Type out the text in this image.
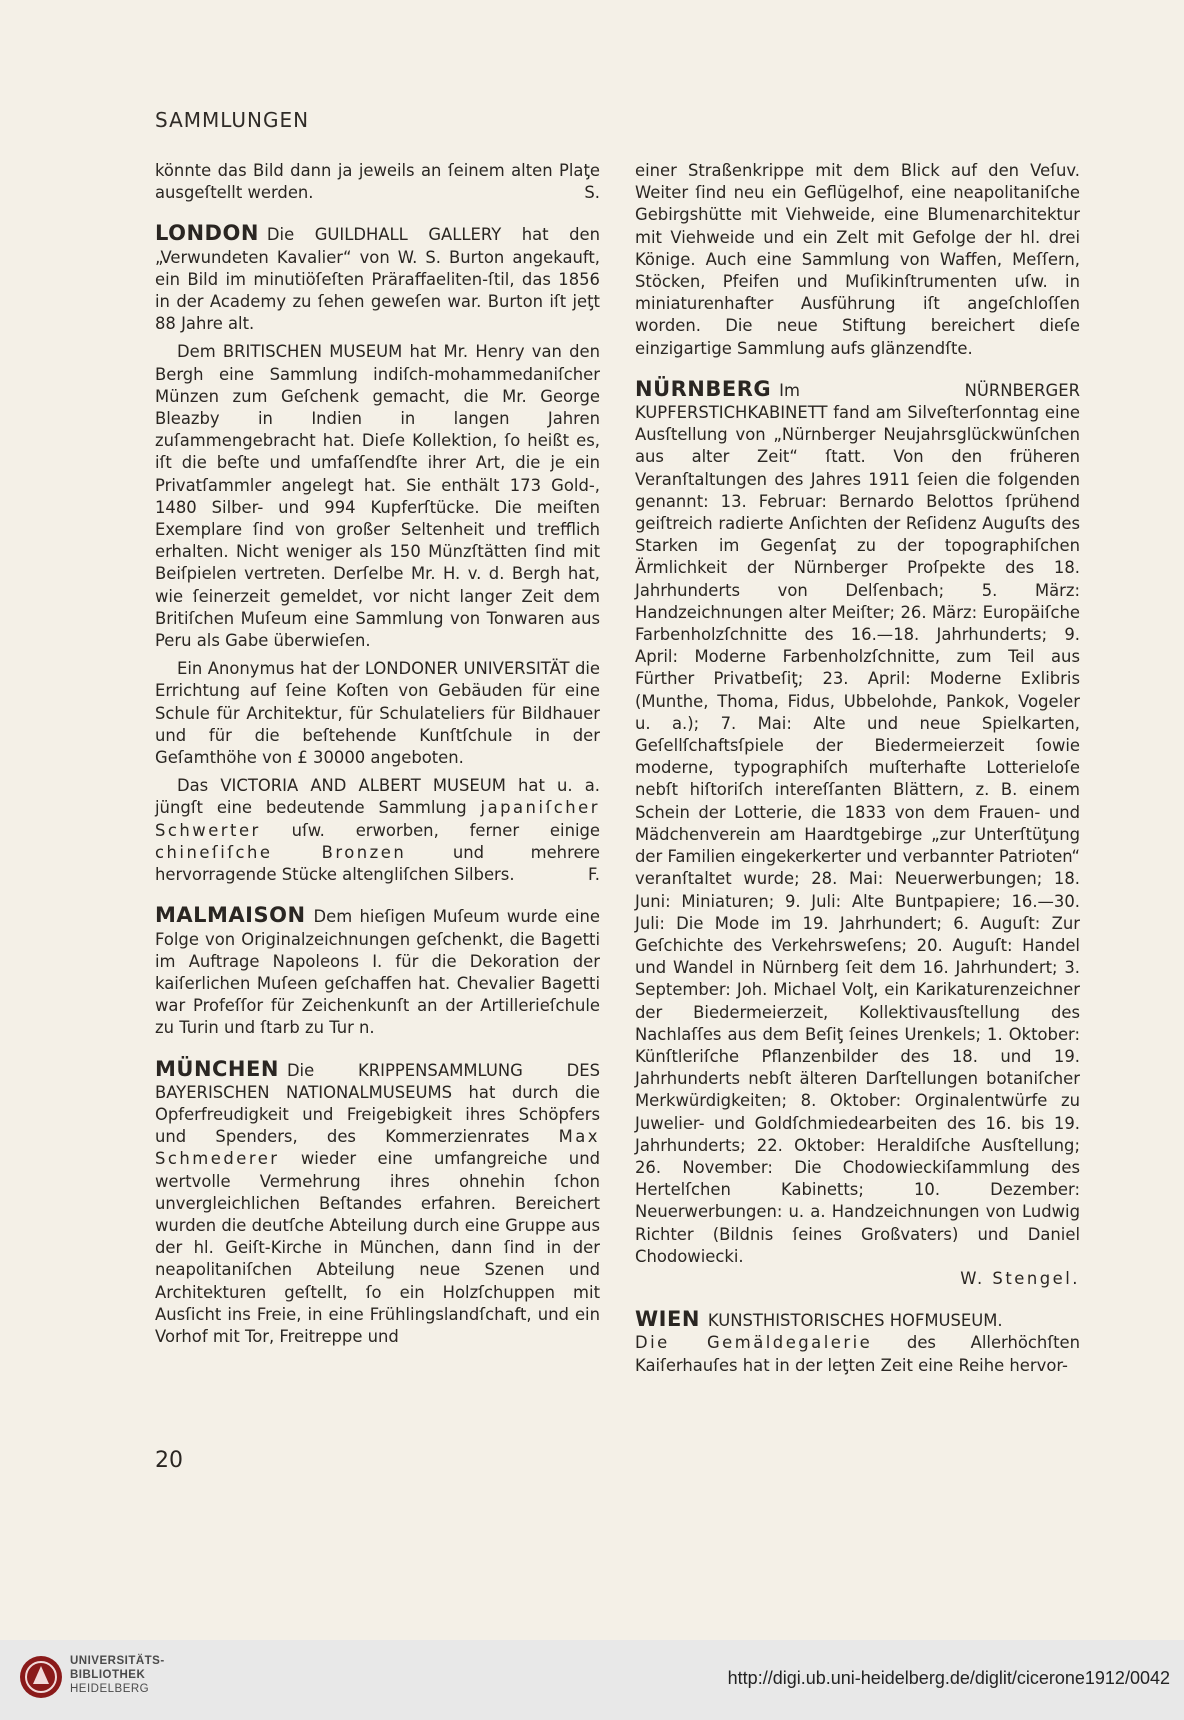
SAMMLUNGEN

könnte das Bild dann ja jeweils an ſeinem alten Plaƫe ausgeſtellt werden.	S.

LONDON Die GUILDHALL GALLERY hat den „Verwundeten Kavalier“ von W. S. Burton angekauft, ein Bild im minutiöſeſten Präraffaeliten-ſtil, das 1856 in der Academy zu ſehen geweſen war. Burton iſt jeƫt 88 Jahre alt.

Dem BRITISCHEN MUSEUM hat Mr. Henry van den Bergh eine Sammlung indiſch-mohammedaniſcher Münzen zum Geſchenk gemacht, die Mr. George Bleazby in Indien in langen Jahren zuſammengebracht hat. Dieſe Kollektion, ſo heißt es, iſt die beſte und umfaſſendſte ihrer Art, die je ein Privatſammler angelegt hat. Sie enthält 173 Gold-, 1480 Silber- und 994 Kupferſtücke. Die meiſten Exemplare ſind von großer Seltenheit und trefflich erhalten. Nicht weniger als 150 Münzſtätten ſind mit Beiſpielen vertreten. Derſelbe Mr. H. v. d. Bergh hat, wie ſeinerzeit gemeldet, vor nicht langer Zeit dem Britiſchen Muſeum eine Sammlung von Tonwaren aus Peru als Gabe überwieſen.

Ein Anonymus hat der LONDONER UNIVERSITÄT die Errichtung auf ſeine Koſten von Gebäuden für eine Schule für Architektur, für Schulateliers für Bildhauer und für die beſtehende Kunſtſchule in der Geſamthöhe von £ 30000 angeboten.

Das VICTORIA AND ALBERT MUSEUM hat u. a. jüngſt eine bedeutende Sammlung japaniſcher Schwerter uſw. erworben, ferner einige chineſiſche Bronzen und mehrere hervorragende Stücke altengliſchen Silbers.	F.

MALMAISON Dem hieſigen Muſeum wurde eine Folge von Originalzeichnungen geſchenkt, die Bagetti im Auftrage Napoleons I. für die Dekoration der kaiſerlichen Muſeen geſchaffen hat. Chevalier Bagetti war Profeſſor für Zeichenkunſt an der Artillerieſchule zu Turin und ſtarb zu Tur n.

MÜNCHEN Die KRIPPENSAMMLUNG DES BAYERISCHEN NATIONALMUSEUMS hat durch die Opferfreudigkeit und Freigebigkeit ihres Schöpfers und Spenders, des Kommerzienrates Max Schmederer wieder eine umfangreiche und wertvolle Vermehrung ihres ohnehin ſchon unvergleichlichen Beſtandes erfahren. Bereichert wurden die deutſche Abteilung durch eine Gruppe aus der hl. Geiſt-Kirche in München, dann ſind in der neapolitaniſchen Abteilung neue Szenen und Architekturen geſtellt, ſo ein Holzſchuppen mit Ausſicht ins Freie, in eine Frühlingslandſchaft, und ein Vorhof mit Tor, Freitreppe und

einer Straßenkrippe mit dem Blick auf den Veſuv. Weiter ſind neu ein Geflügelhof, eine neapolitaniſche Gebirgshütte mit Viehweide, eine Blumenarchitektur mit Viehweide und ein Zelt mit Gefolge der hl. drei Könige. Auch eine Sammlung von Waffen, Meſſern, Stöcken, Pfeifen und Muſikinſtrumenten uſw. in miniaturenhafter Ausführung iſt angeſchloſſen worden. Die neue Stiftung bereichert dieſe einzigartige Sammlung aufs glänzendſte.

NÜRNBERG Im NÜRNBERGER KUPFERSTICHKABINETT fand am Silveſterſonntag eine Ausſtellung von „Nürnberger Neujahrsglückwünſchen aus alter Zeit“ ſtatt. Von den früheren Veranſtaltungen des Jahres 1911 ſeien die folgenden genannt: 13. Februar: Bernardo Belottos ſprühend geiſtreich radierte Anſichten der Reſidenz Auguſts des Starken im Gegenſaƫ zu der topographiſchen Ärmlichkeit der Nürnberger Proſpekte des 18. Jahrhunderts von Delſenbach; 5. März: Handzeichnungen alter Meiſter; 26. März: Europäiſche Farbenholzſchnitte des 16.—18. Jahrhunderts; 9. April: Moderne Farbenholzſchnitte, zum Teil aus Fürther Privatbeſiƫ; 23. April: Moderne Exlibris (Munthe, Thoma, Fidus, Ubbelohde, Pankok, Vogeler u. a.); 7. Mai: Alte und neue Spielkarten, Geſellſchaftsſpiele der Biedermeierzeit ſowie moderne, typographiſch muſterhafte Lotterieloſe nebſt hiſtoriſch intereſſanten Blättern, z. B. einem Schein der Lotterie, die 1833 von dem Frauen- und Mädchenverein am Haardtgebirge „zur Unterſtüƫung der Familien eingekerkerter und verbannter Patrioten“ veranſtaltet wurde; 28. Mai: Neuerwerbungen; 18. Juni: Miniaturen; 9. Juli: Alte Buntpapiere; 16.—30. Juli: Die Mode im 19. Jahrhundert; 6. Auguſt: Zur Geſchichte des Verkehrsweſens; 20. Auguſt: Handel und Wandel in Nürnberg ſeit dem 16. Jahrhundert; 3. September: Joh. Michael Volƫ, ein Karikaturenzeichner der Biedermeierzeit, Kollektivausſtellung des Nachlaſſes aus dem Beſiƫ ſeines Urenkels; 1. Oktober: Künſtleriſche Pflanzenbilder des 18. und 19. Jahrhunderts nebſt älteren Darſtellungen botaniſcher Merkwürdigkeiten; 8. Oktober: Orginalentwürfe zu Juwelier- und Goldſchmiedearbeiten des 16. bis 19. Jahrhunderts; 22. Oktober: Heraldiſche Ausſtellung; 26. November: Die Chodowieckiſammlung des Hertelſchen Kabinetts; 10. Dezember: Neuerwerbungen: u. a. Handzeichnungen von Ludwig Richter (Bildnis ſeines Großvaters) und Daniel Chodowiecki.

W. Stengel.

WIEN KUNSTHISTORISCHES HOFMUSEUM.
Die Gemäldegalerie des Allerhöchſten Kaiſerhauſes hat in der leƫten Zeit eine Reihe hervor-

20
UNIVERSITÄTS-
BIBLIOTHEK
HEIDELBERG
http://digi.ub.uni-heidelberg.de/diglit/cicerone1912/0042
